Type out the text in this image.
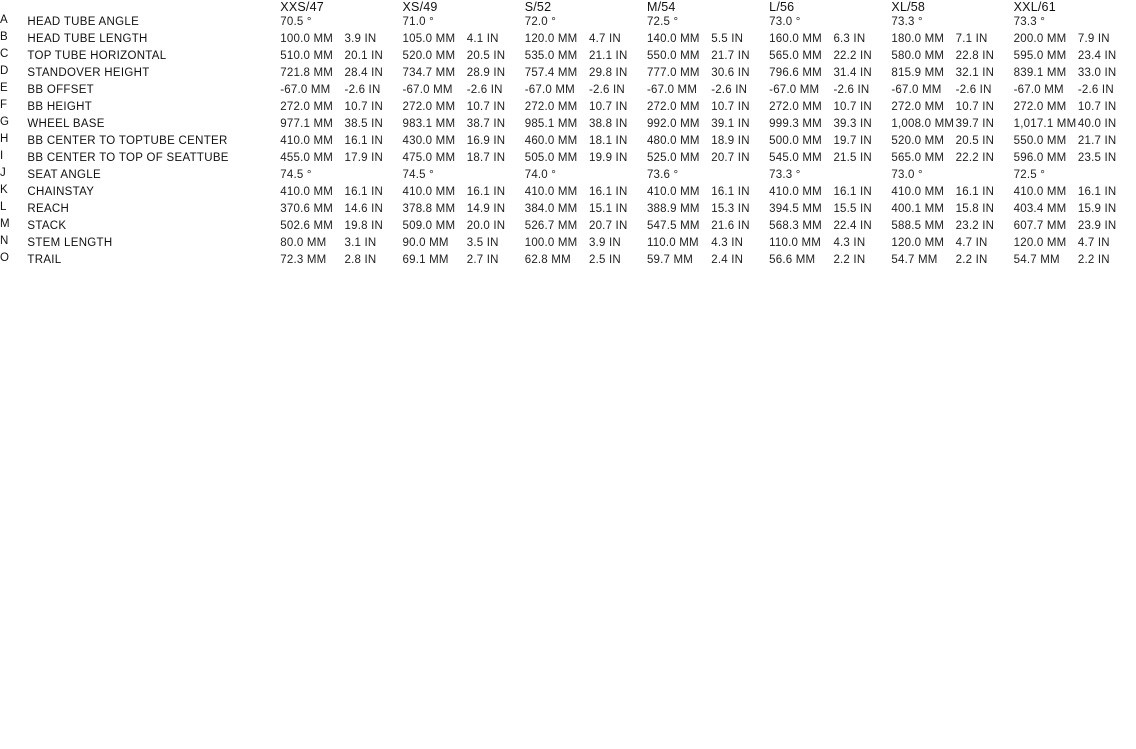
		XXS/47		XS/49		S/52		M/54		L/56		XL/58		XXL/61	
A	HEAD TUBE ANGLE	70.5 °		71.0 °		72.0 °		72.5 °		73.0 °		73.3 °		73.3 °	
B	HEAD TUBE LENGTH	100.0 MM	3.9 IN	105.0 MM	4.1 IN	120.0 MM	4.7 IN	140.0 MM	5.5 IN	160.0 MM	6.3 IN	180.0 MM	7.1 IN	200.0 MM	7.9 IN
C	TOP TUBE HORIZONTAL	510.0 MM	20.1 IN	520.0 MM	20.5 IN	535.0 MM	21.1 IN	550.0 MM	21.7 IN	565.0 MM	22.2 IN	580.0 MM	22.8 IN	595.0 MM	23.4 IN
D	STANDOVER HEIGHT	721.8 MM	28.4 IN	734.7 MM	28.9 IN	757.4 MM	29.8 IN	777.0 MM	30.6 IN	796.6 MM	31.4 IN	815.9 MM	32.1 IN	839.1 MM	33.0 IN
E	BB OFFSET	-67.0 MM	-2.6 IN	-67.0 MM	-2.6 IN	-67.0 MM	-2.6 IN	-67.0 MM	-2.6 IN	-67.0 MM	-2.6 IN	-67.0 MM	-2.6 IN	-67.0 MM	-2.6 IN
F	BB HEIGHT	272.0 MM	10.7 IN	272.0 MM	10.7 IN	272.0 MM	10.7 IN	272.0 MM	10.7 IN	272.0 MM	10.7 IN	272.0 MM	10.7 IN	272.0 MM	10.7 IN
G	WHEEL BASE	977.1 MM	38.5 IN	983.1 MM	38.7 IN	985.1 MM	38.8 IN	992.0 MM	39.1 IN	999.3 MM	39.3 IN	1,008.0 MM	39.7 IN	1,017.1 MM	40.0 IN
H	BB CENTER TO TOPTUBE CENTER	410.0 MM	16.1 IN	430.0 MM	16.9 IN	460.0 MM	18.1 IN	480.0 MM	18.9 IN	500.0 MM	19.7 IN	520.0 MM	20.5 IN	550.0 MM	21.7 IN
I	BB CENTER TO TOP OF SEATTUBE	455.0 MM	17.9 IN	475.0 MM	18.7 IN	505.0 MM	19.9 IN	525.0 MM	20.7 IN	545.0 MM	21.5 IN	565.0 MM	22.2 IN	596.0 MM	23.5 IN
J	SEAT ANGLE	74.5 °		74.5 °		74.0 °		73.6 °		73.3 °		73.0 °		72.5 °	
K	CHAINSTAY	410.0 MM	16.1 IN	410.0 MM	16.1 IN	410.0 MM	16.1 IN	410.0 MM	16.1 IN	410.0 MM	16.1 IN	410.0 MM	16.1 IN	410.0 MM	16.1 IN
L	REACH	370.6 MM	14.6 IN	378.8 MM	14.9 IN	384.0 MM	15.1 IN	388.9 MM	15.3 IN	394.5 MM	15.5 IN	400.1 MM	15.8 IN	403.4 MM	15.9 IN
M	STACK	502.6 MM	19.8 IN	509.0 MM	20.0 IN	526.7 MM	20.7 IN	547.5 MM	21.6 IN	568.3 MM	22.4 IN	588.5 MM	23.2 IN	607.7 MM	23.9 IN
N	STEM LENGTH	80.0 MM	3.1 IN	90.0 MM	3.5 IN	100.0 MM	3.9 IN	110.0 MM	4.3 IN	110.0 MM	4.3 IN	120.0 MM	4.7 IN	120.0 MM	4.7 IN
O	TRAIL	72.3 MM	2.8 IN	69.1 MM	2.7 IN	62.8 MM	2.5 IN	59.7 MM	2.4 IN	56.6 MM	2.2 IN	54.7 MM	2.2 IN	54.7 MM	2.2 IN
